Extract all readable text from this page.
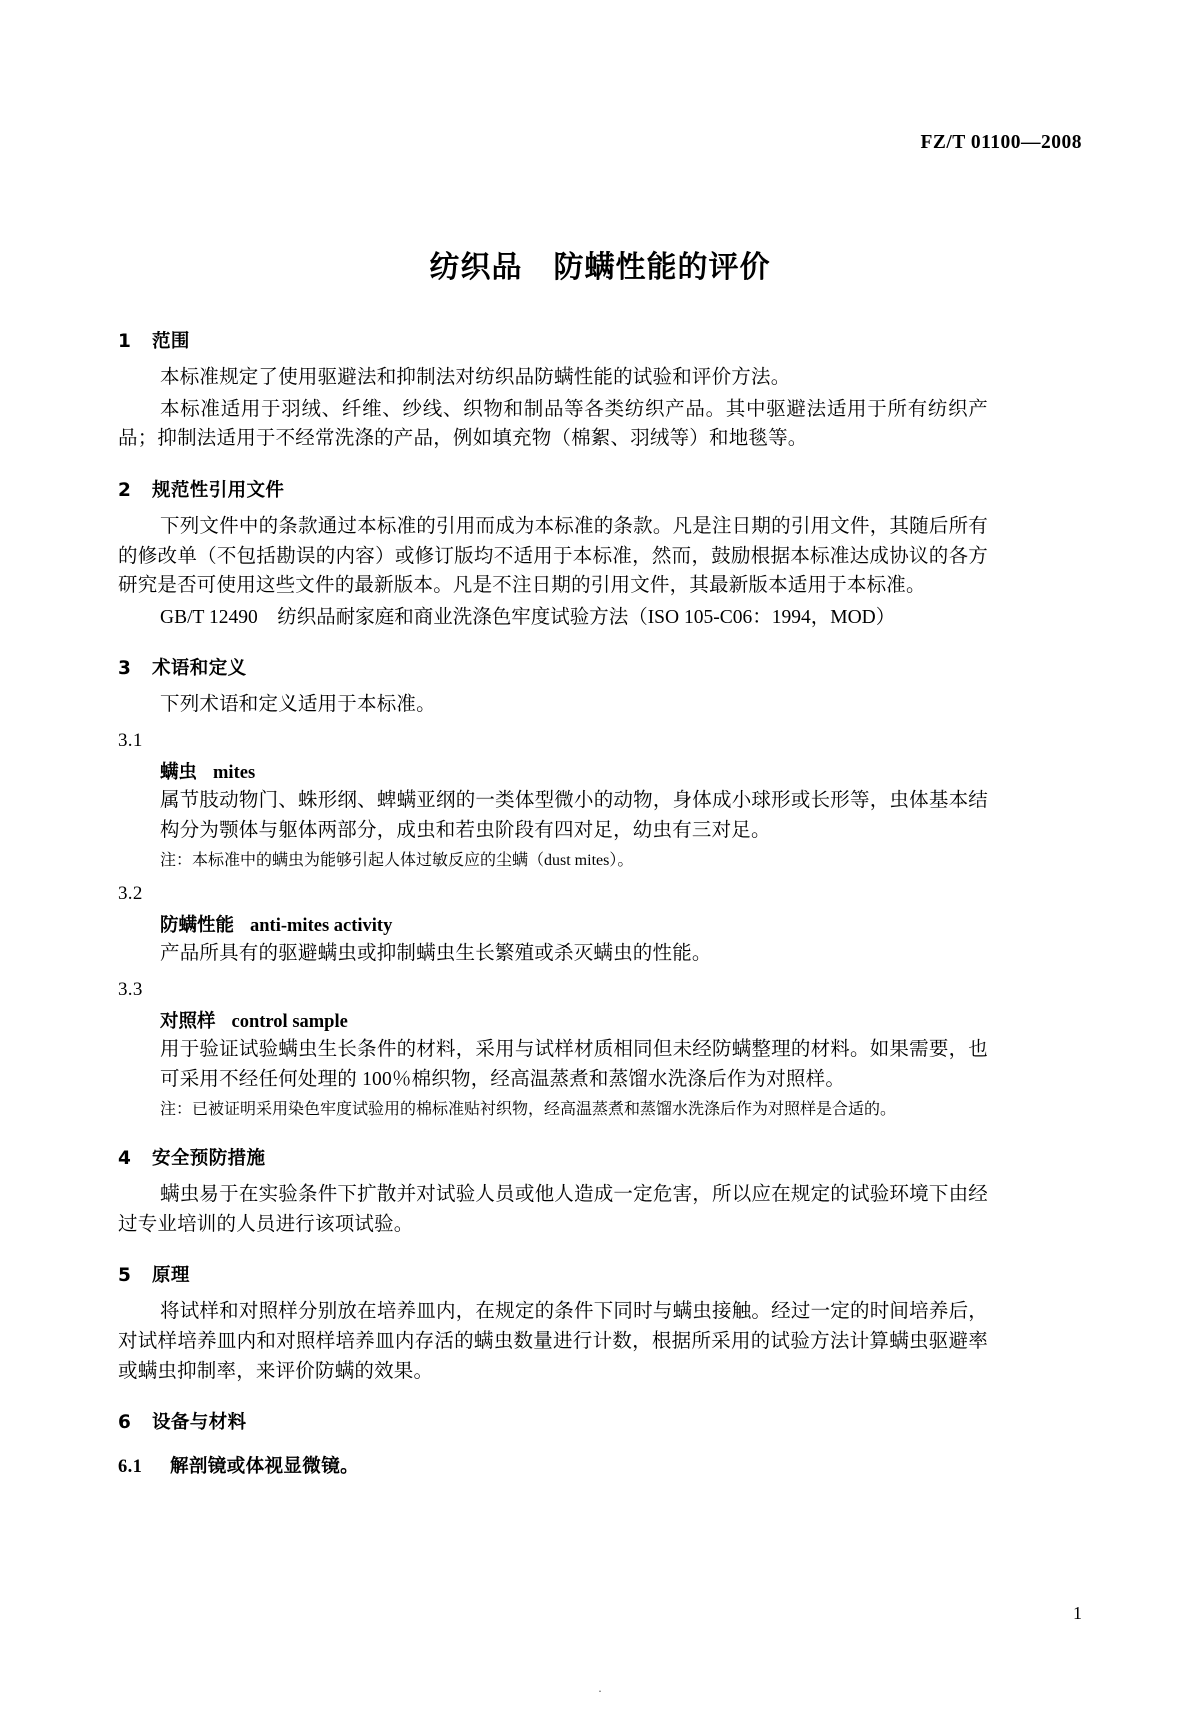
FZ/T 01100—2008
纺织品　防螨性能的评价
1 范围

本标准规定了使用驱避法和抑制法对纺织品防螨性能的试验和评价方法。

本标准适用于羽绒、纤维、纱线、织物和制品等各类纺织产品。其中驱避法适用于所有纺织产品；抑制法适用于不经常洗涤的产品，例如填充物（棉絮、羽绒等）和地毯等。

2 规范性引用文件

下列文件中的条款通过本标准的引用而成为本标准的条款。凡是注日期的引用文件，其随后所有的修改单（不包括勘误的内容）或修订版均不适用于本标准，然而，鼓励根据本标准达成协议的各方研究是否可使用这些文件的最新版本。凡是不注日期的引用文件，其最新版本适用于本标准。

GB/T 12490　纺织品耐家庭和商业洗涤色牢度试验方法（ISO 105-C06：1994，MOD）

3 术语和定义

下列术语和定义适用于本标准。

3.1
螨虫 mites

属节肢动物门、蛛形纲、蜱螨亚纲的一类体型微小的动物，身体成小球形或长形等，虫体基本结构分为颚体与躯体两部分，成虫和若虫阶段有四对足，幼虫有三对足。

注：本标准中的螨虫为能够引起人体过敏反应的尘螨（dust mites）。

3.2
防螨性能 anti-mites activity

产品所具有的驱避螨虫或抑制螨虫生长繁殖或杀灭螨虫的性能。

3.3
对照样 control sample

用于验证试验螨虫生长条件的材料，采用与试样材质相同但未经防螨整理的材料。如果需要，也可采用不经任何处理的 100％棉织物，经高温蒸煮和蒸馏水洗涤后作为对照样。

注：已被证明采用染色牢度试验用的棉标准贴衬织物，经高温蒸煮和蒸馏水洗涤后作为对照样是合适的。

4 安全预防措施

螨虫易于在实验条件下扩散并对试验人员或他人造成一定危害，所以应在规定的试验环境下由经过专业培训的人员进行该项试验。

5 原理

将试样和对照样分别放在培养皿内，在规定的条件下同时与螨虫接触。经过一定的时间培养后，对试样培养皿内和对照样培养皿内存活的螨虫数量进行计数，根据所采用的试验方法计算螨虫驱避率或螨虫抑制率，来评价防螨的效果。

6 设备与材料
6.1 解剖镜或体视显微镜。
1
.
